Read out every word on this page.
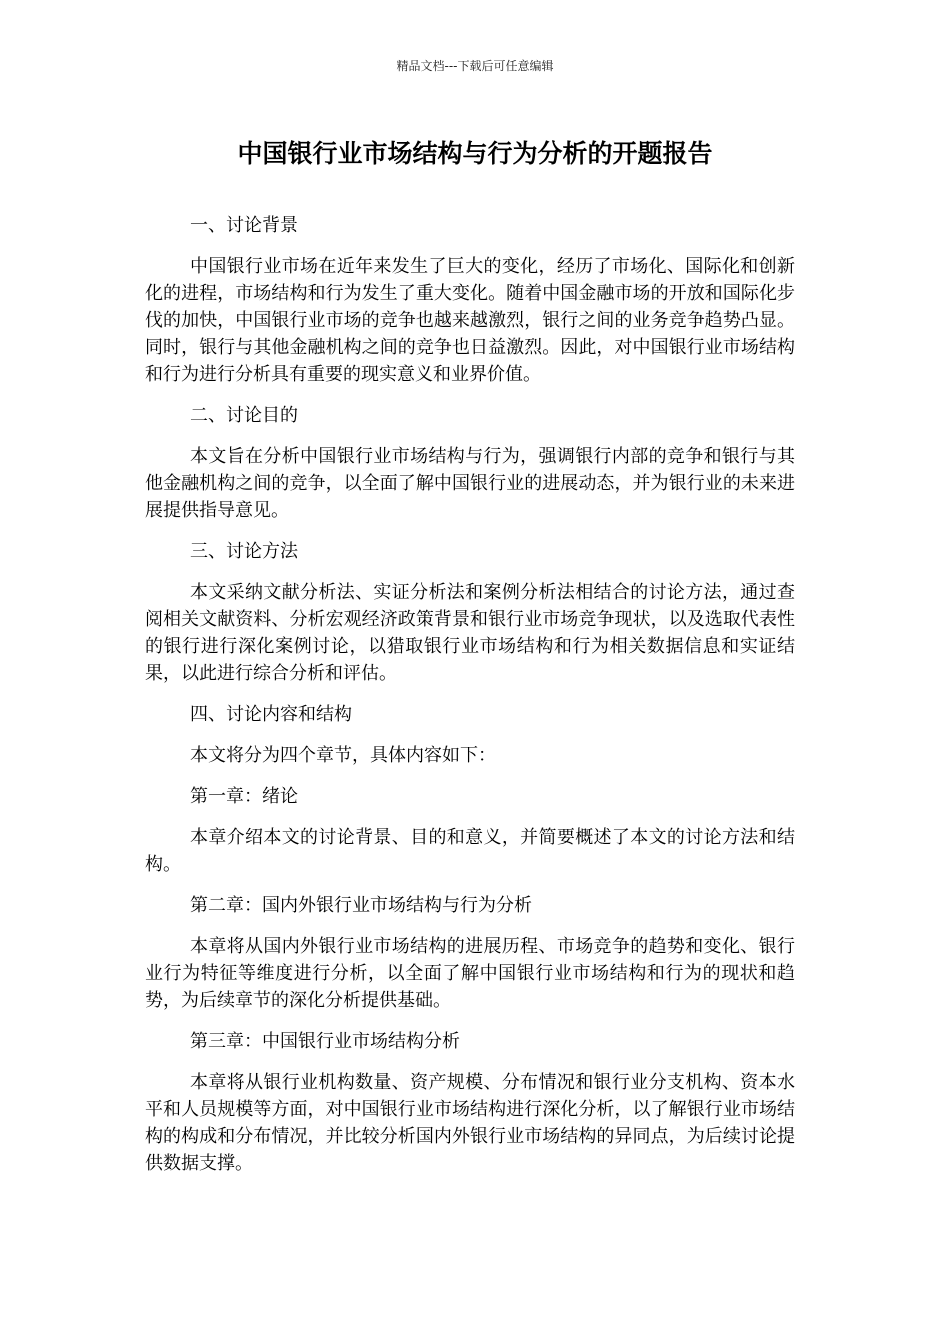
精品文档---下载后可任意编辑
中国银行业市场结构与行为分析的开题报告

一、讨论背景

中国银行业市场在近年来发生了巨大的变化，经历了市场化、国际化和创新化的进程，市场结构和行为发生了重大变化。随着中国金融市场的开放和国际化步伐的加快，中国银行业市场的竞争也越来越激烈，银行之间的业务竞争趋势凸显。同时，银行与其他金融机构之间的竞争也日益激烈。因此，对中国银行业市场结构和行为进行分析具有重要的现实意义和业界价值。

二、讨论目的

本文旨在分析中国银行业市场结构与行为，强调银行内部的竞争和银行与其他金融机构之间的竞争，以全面了解中国银行业的进展动态，并为银行业的未来进展提供指导意见。

三、讨论方法

本文采纳文献分析法、实证分析法和案例分析法相结合的讨论方法，通过查阅相关文献资料、分析宏观经济政策背景和银行业市场竞争现状，以及选取代表性的银行进行深化案例讨论，以猎取银行业市场结构和行为相关数据信息和实证结果，以此进行综合分析和评估。

四、讨论内容和结构

本文将分为四个章节，具体内容如下：

第一章：绪论

本章介绍本文的讨论背景、目的和意义，并简要概述了本文的讨论方法和结构。

第二章：国内外银行业市场结构与行为分析

本章将从国内外银行业市场结构的进展历程、市场竞争的趋势和变化、银行业行为特征等维度进行分析，以全面了解中国银行业市场结构和行为的现状和趋势，为后续章节的深化分析提供基础。

第三章：中国银行业市场结构分析

本章将从银行业机构数量、资产规模、分布情况和银行业分支机构、资本水平和人员规模等方面，对中国银行业市场结构进行深化分析，以了解银行业市场结构的构成和分布情况，并比较分析国内外银行业市场结构的异同点，为后续讨论提供数据支撑。
